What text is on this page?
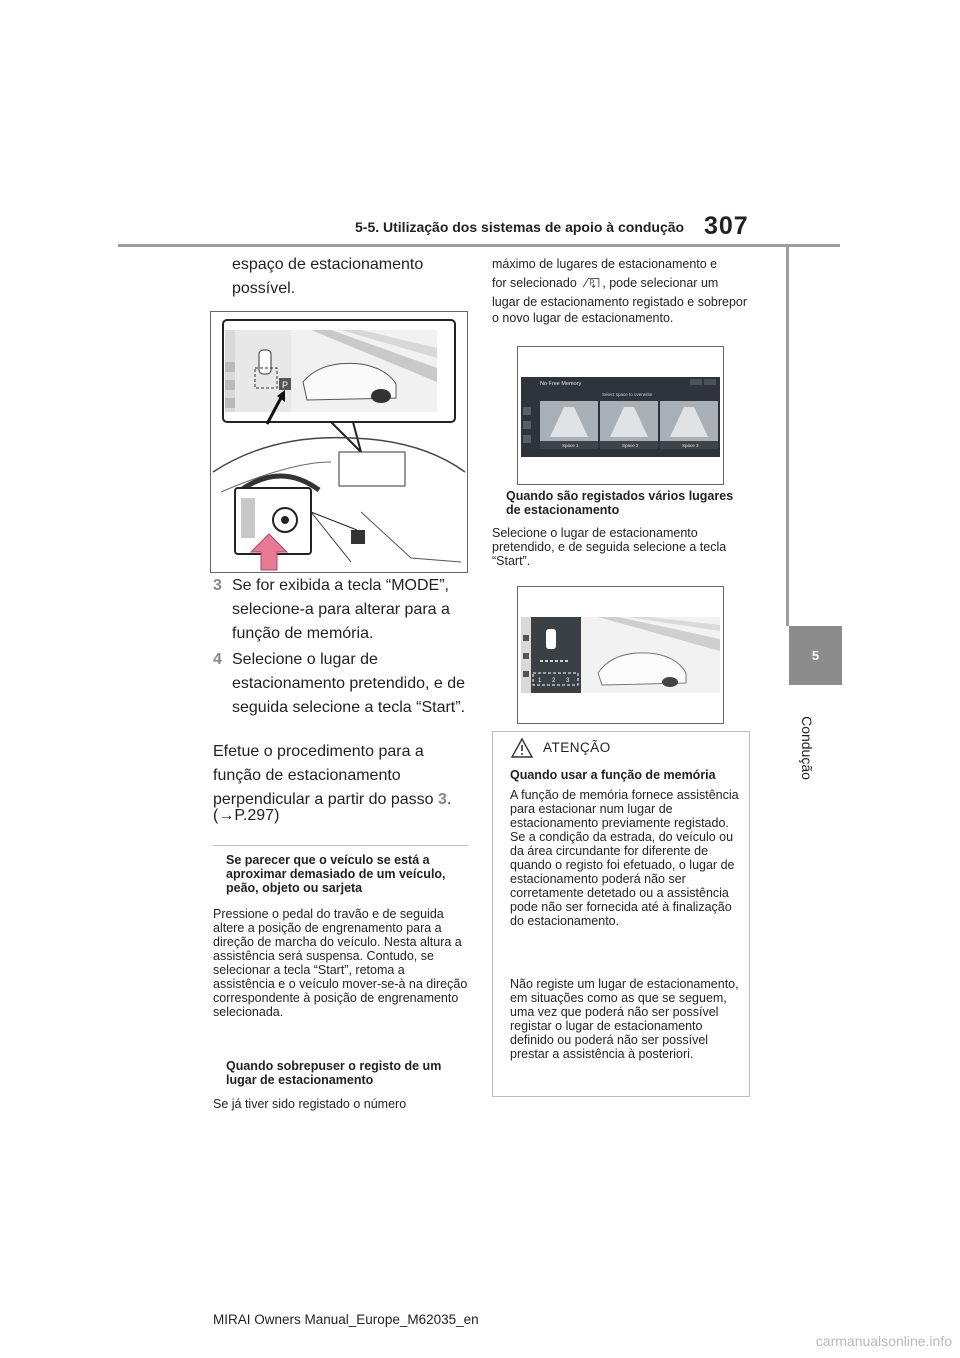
5-5. Utilização dos sistemas de apoio à condução 307
5
Condução
espaço de estacionamento possível.
P
3 Se for exibida a tecla “MODE”, selecione-a para alterar para a função de memória.
4 Selecione o lugar de estacionamento pretendido, e de seguida selecione a tecla “Start”.
Efetue o procedimento para a função de estacionamento perpendicular a partir do passo 3.
(→P.297)
Se parecer que o veículo se está a aproximar demasiado de um veículo, peão, objeto ou sarjeta
Pressione o pedal do travão e de seguida altere a posição de engrenamento para a direção de marcha do veículo. Nesta altura a assistência será suspensa. Contudo, se selecionar a tecla “Start”, retoma a assistência e o veículo mover-se-à na direção correspondente à posição de engrenamento selecionada.
Quando sobrepuser o registo de um lugar de estacionamento
Se já tiver sido registado o número

máximo de lugares de estacionamento e

for selecionado P , pode selecionar um

lugar de estacionamento registado e sobrepor o novo lugar de estacionamento.

No Free Memory
Select space to overwrite
Space 1	Space 2	Space 3
Quando são registados vários lugares de estacionamento
Selecione o lugar de estacionamento pretendido, e de seguida selecione a tecla “Start”.
1 2 3
ATENÇÃO
Quando usar a função de memória
A função de memória fornece assistência para estacionar num lugar de estacionamento previamente registado. Se a condição da estrada, do veículo ou da área circundante for diferente de quando o registo foi efetuado, o lugar de estacionamento poderá não ser corretamente detetado ou a assistência pode não ser fornecida até à finalização do estacionamento.
Não registe um lugar de estacionamento, em situações como as que se seguem, uma vez que poderá não ser possível registar o lugar de estacionamento definido ou poderá não ser possível prestar a assistência à posteriori.
MIRAI Owners Manual_Europe_M62035_en
carmanualsonline.info
